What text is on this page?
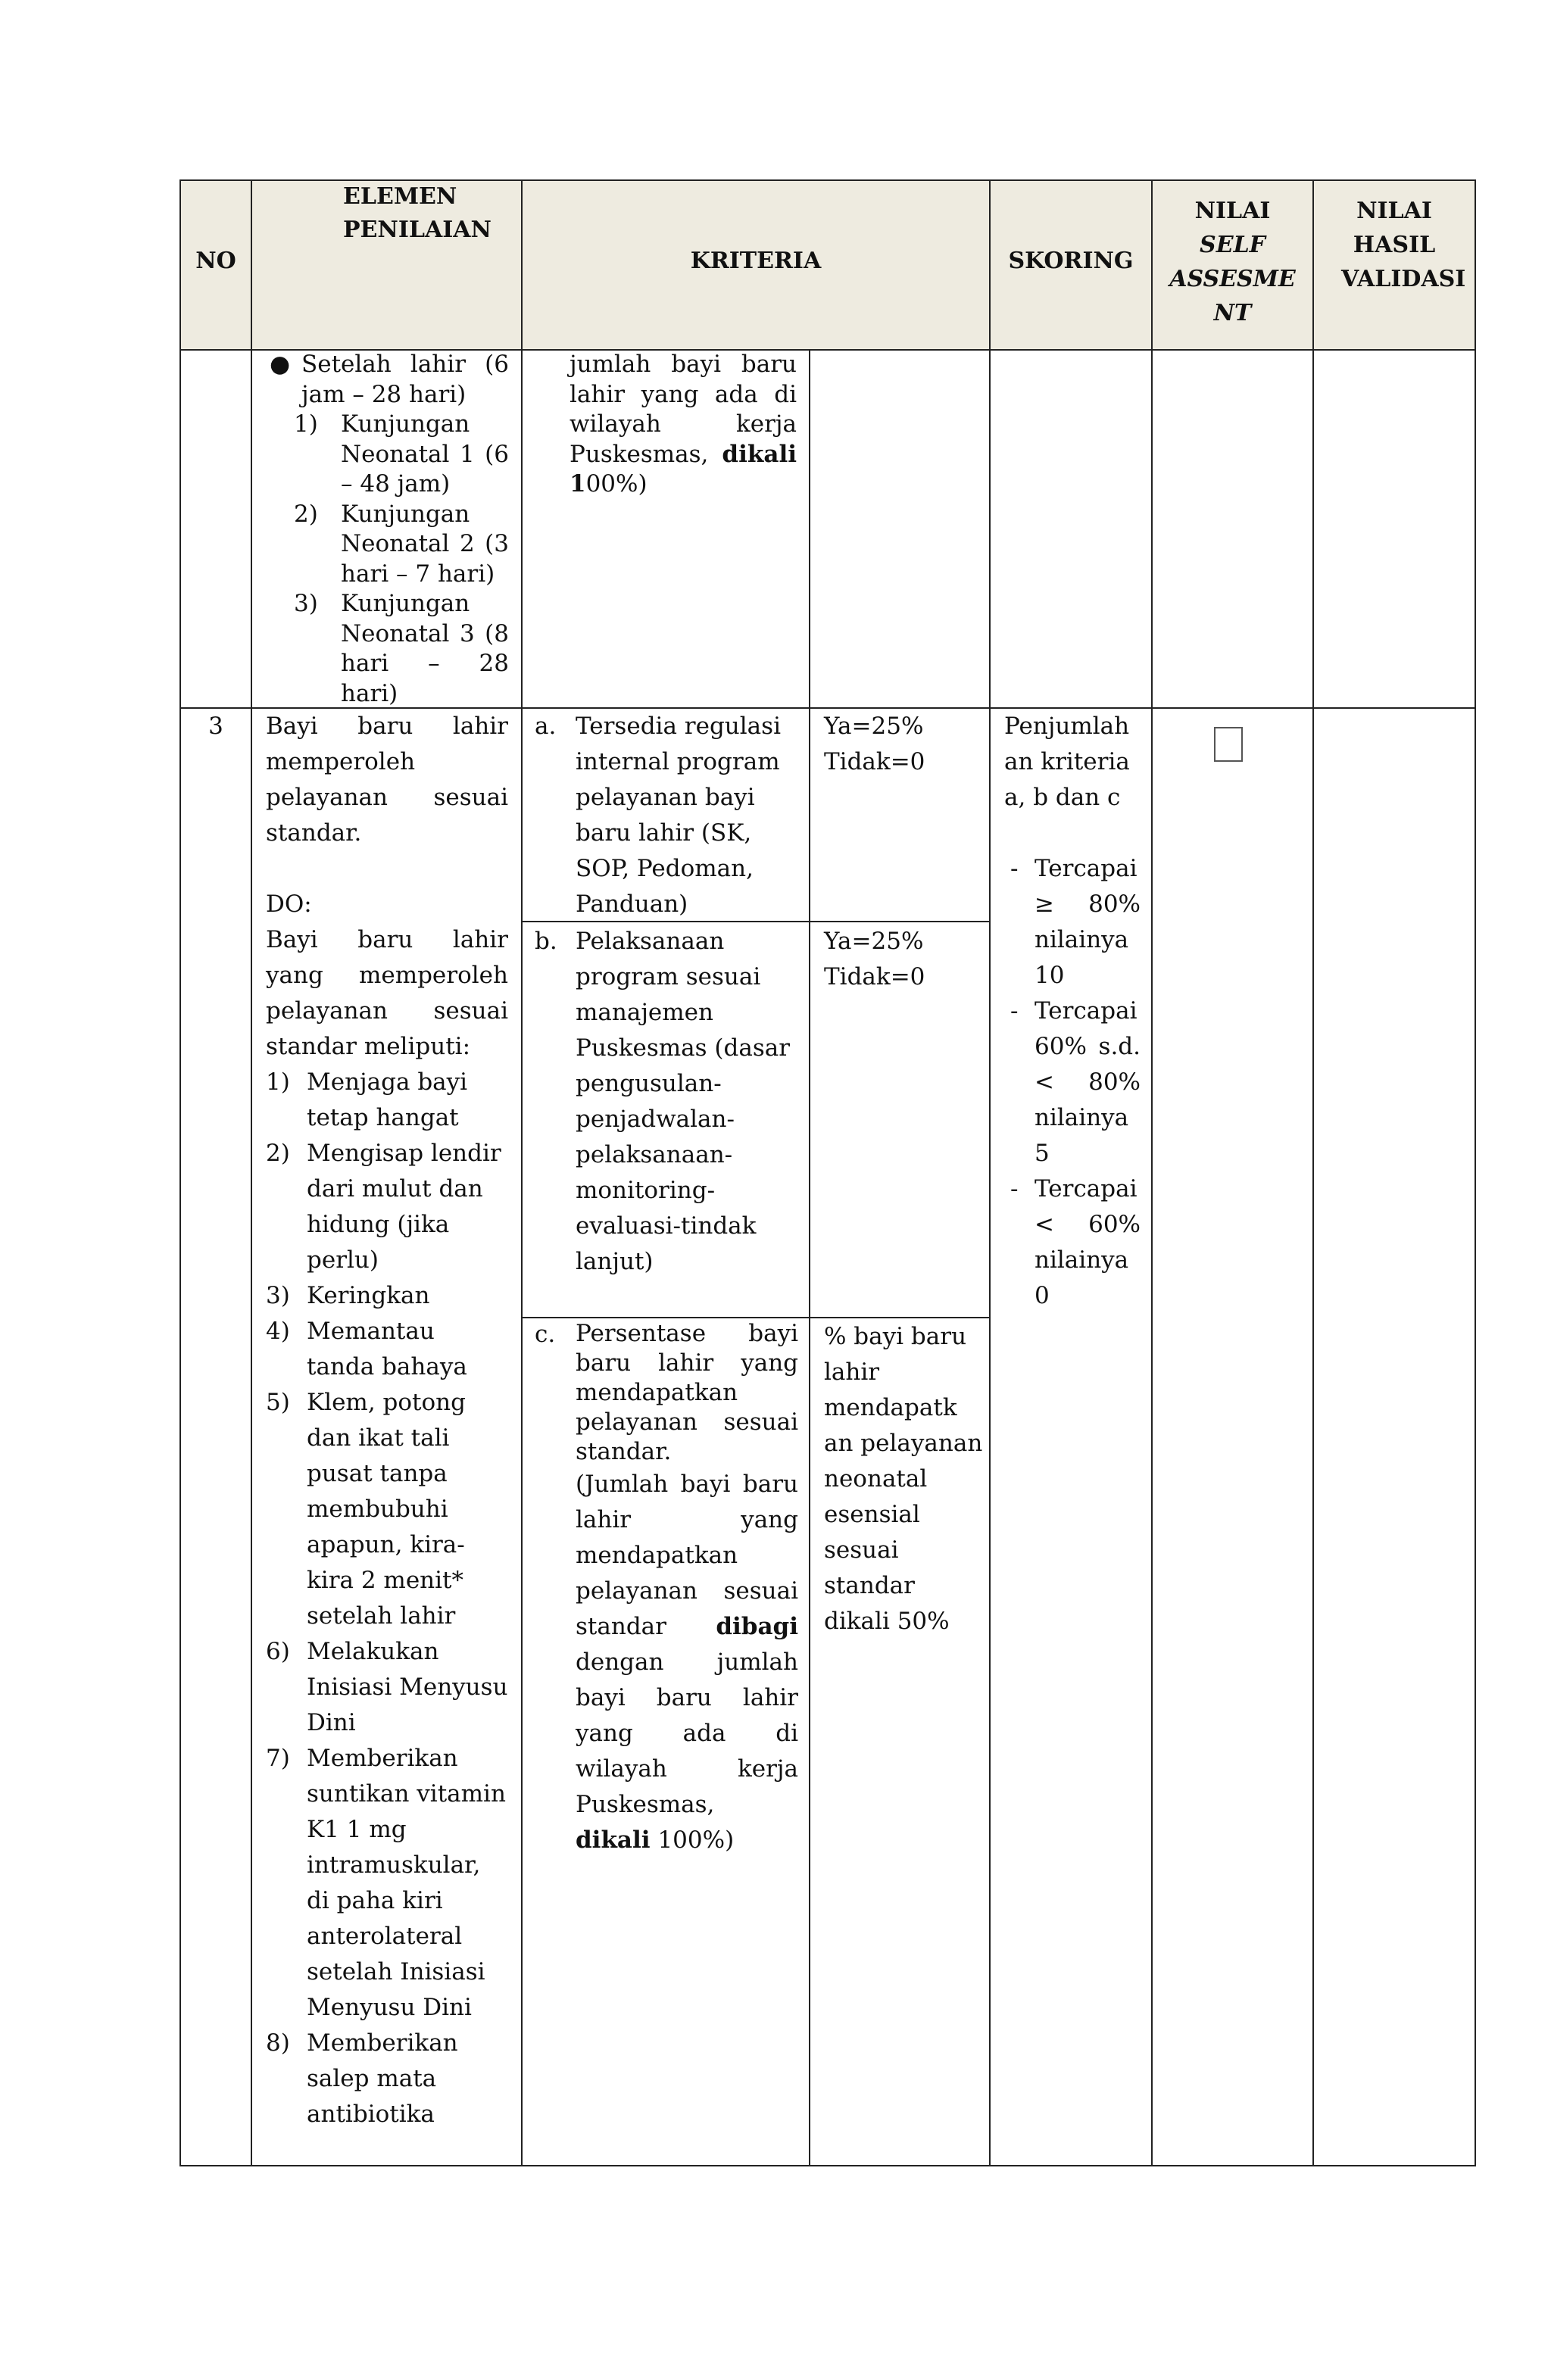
NO
ELEMEN PENILAIAN
KRITERIA	SKORING
NILAI
SELF
ASSESME
NT
NILAI HASIL VALIDASI
● Setelah lahir (6 jam – 28 hari)
1) Kunjungan Neonatal 1 (6 – 48 jam)
2) Kunjungan Neonatal 2 (3 hari – 7 hari)
3) Kunjungan Neonatal 3 (8 hari – 28 hari)
jumlah bayi baru lahir yang ada di wilayah kerja Puskesmas, dikali 100%)
3	Bayi baru lahir memperoleh pelayanan sesuai standar.
DO:
Bayi baru lahir yang memperoleh pelayanan sesuai standar meliputi:
1) Menjaga bayi tetap hangat
2) Mengisap lendir dari mulut dan hidung (jika perlu)
3) Keringkan
4) Memantau tanda bahaya
5) Klem, potong dan ikat tali pusat tanpa membubuhi apapun, kira-kira 2 menit* setelah lahir
6) Melakukan Inisiasi Menyusu Dini
7) Memberikan suntikan vitamin K1 1 mg intramuskular, di paha kiri anterolateral setelah Inisiasi Menyusu Dini
8) Memberikan salep mata antibiotika
a. Tersedia regulasi internal program pelayanan bayi baru lahir (SK, SOP, Pedoman, Panduan)
Ya=25% Tidak=0
b. Pelaksanaan program sesuai manajemen Puskesmas (dasar pengusulan-penjadwalan-pelaksanaan-monitoring-evaluasi-tindak lanjut)
Ya=25% Tidak=0
c. Persentase bayi baru lahir yang mendapatkan pelayanan sesuai standar.
(Jumlah bayi baru lahir yang mendapatkan pelayanan sesuai standar dibagi dengan jumlah bayi baru lahir yang ada di wilayah kerja Puskesmas,
dikali 100%)
% bayi baru lahir mendapatk an pelayanan neonatal esensial sesuai standar dikali 50%
Penjumlah an kriteria a, b dan c
- Tercapai ≥ 80% nilainya 10
- Tercapai 60% s.d. < 80% nilainya 5
- Tercapai < 60% nilainya 0
